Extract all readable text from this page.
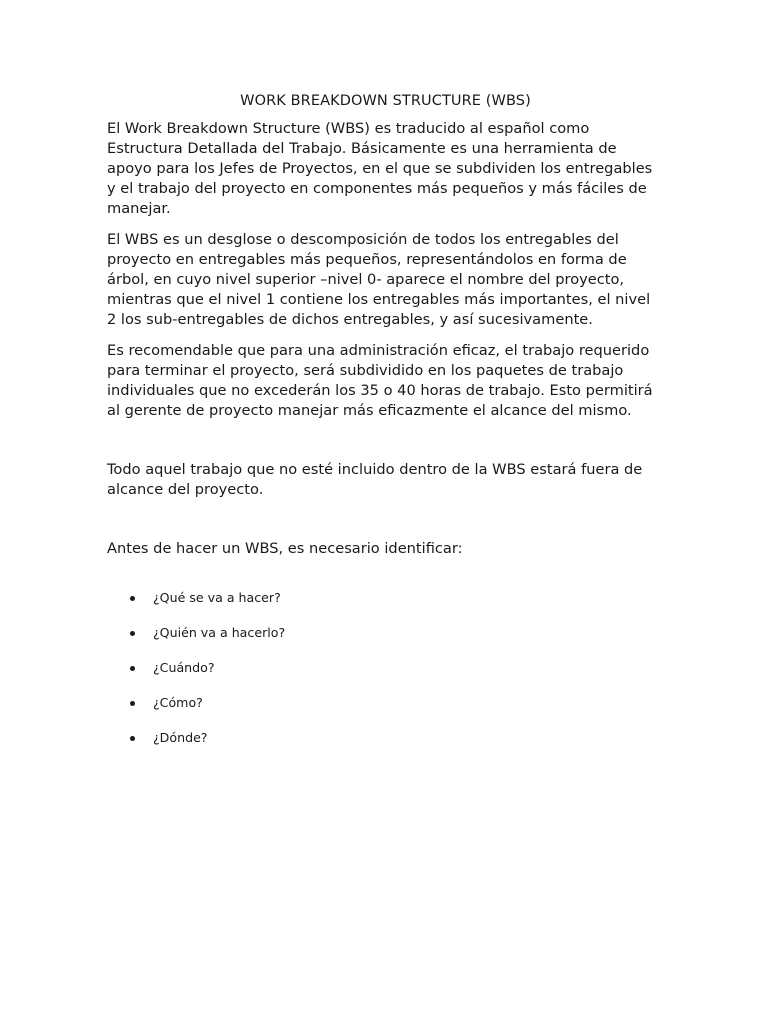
WORK BREAKDOWN STRUCTURE (WBS)

El Work Breakdown Structure (WBS) es traducido al español como Estructura Detallada del Trabajo. Básicamente es una herramienta de apoyo para los Jefes de Proyectos, en el que se subdividen los entregables y el trabajo del proyecto en componentes más pequeños y más fáciles de manejar.

El WBS es un desglose o descomposición de todos los entregables del proyecto en entregables más pequeños, representándolos en forma de árbol, en cuyo nivel superior –nivel 0- aparece el nombre del proyecto, mientras que el nivel 1 contiene los entregables más importantes, el nivel 2 los sub-entregables de dichos entregables, y así sucesivamente.

Es recomendable que para una administración eficaz, el trabajo requerido para terminar el proyecto, será subdividido en los paquetes de trabajo individuales que no excederán los 35 o 40 horas de trabajo. Esto permitirá al gerente de proyecto manejar más eficazmente el alcance del mismo.

Todo aquel trabajo que no esté incluido dentro de la WBS estará fuera de alcance del proyecto.

Antes de hacer un WBS, es necesario identificar:

¿Qué se va a hacer?
¿Quién va a hacerlo?
¿Cuándo?
¿Cómo?
¿Dónde?
